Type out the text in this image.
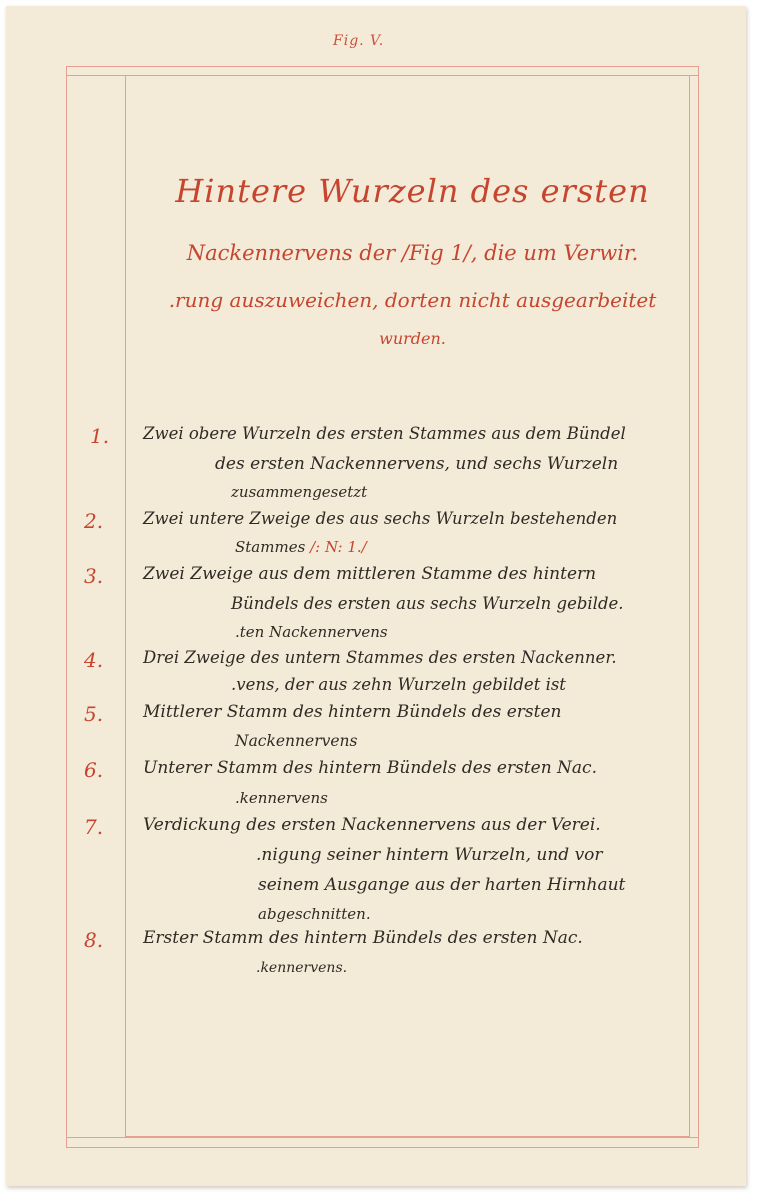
Fig. V.
Hintere Wurzeln des ersten
Nackennervens der /Fig 1/, die um Verwir.
.rung auszuweichen, dorten nicht ausgearbeitet
wurden.
1.	Zwei obere Wurzeln des ersten Stammes aus dem Bündel
des ersten Nackennervens, und sechs Wurzeln
zusammengesetzt
2.	Zwei untere Zweige des aus sechs Wurzeln bestehenden
Stammes /: N: 1./
3.	Zwei Zweige aus dem mittleren Stamme des hintern
Bündels des ersten aus sechs Wurzeln gebilde.
.ten Nackennervens
4.	Drei Zweige des untern Stammes des ersten Nackenner.
.vens, der aus zehn Wurzeln gebildet ist
5.	Mittlerer Stamm des hintern Bündels des ersten
Nackennervens
6.	Unterer Stamm des hintern Bündels des ersten Nac.
.kennervens
7.	Verdickung des ersten Nackennervens aus der Verei.
.nigung seiner hintern Wurzeln, und vor
seinem Ausgange aus der harten Hirnhaut
abgeschnitten.
8.	Erster Stamm des hintern Bündels des ersten Nac.
.kennervens.
